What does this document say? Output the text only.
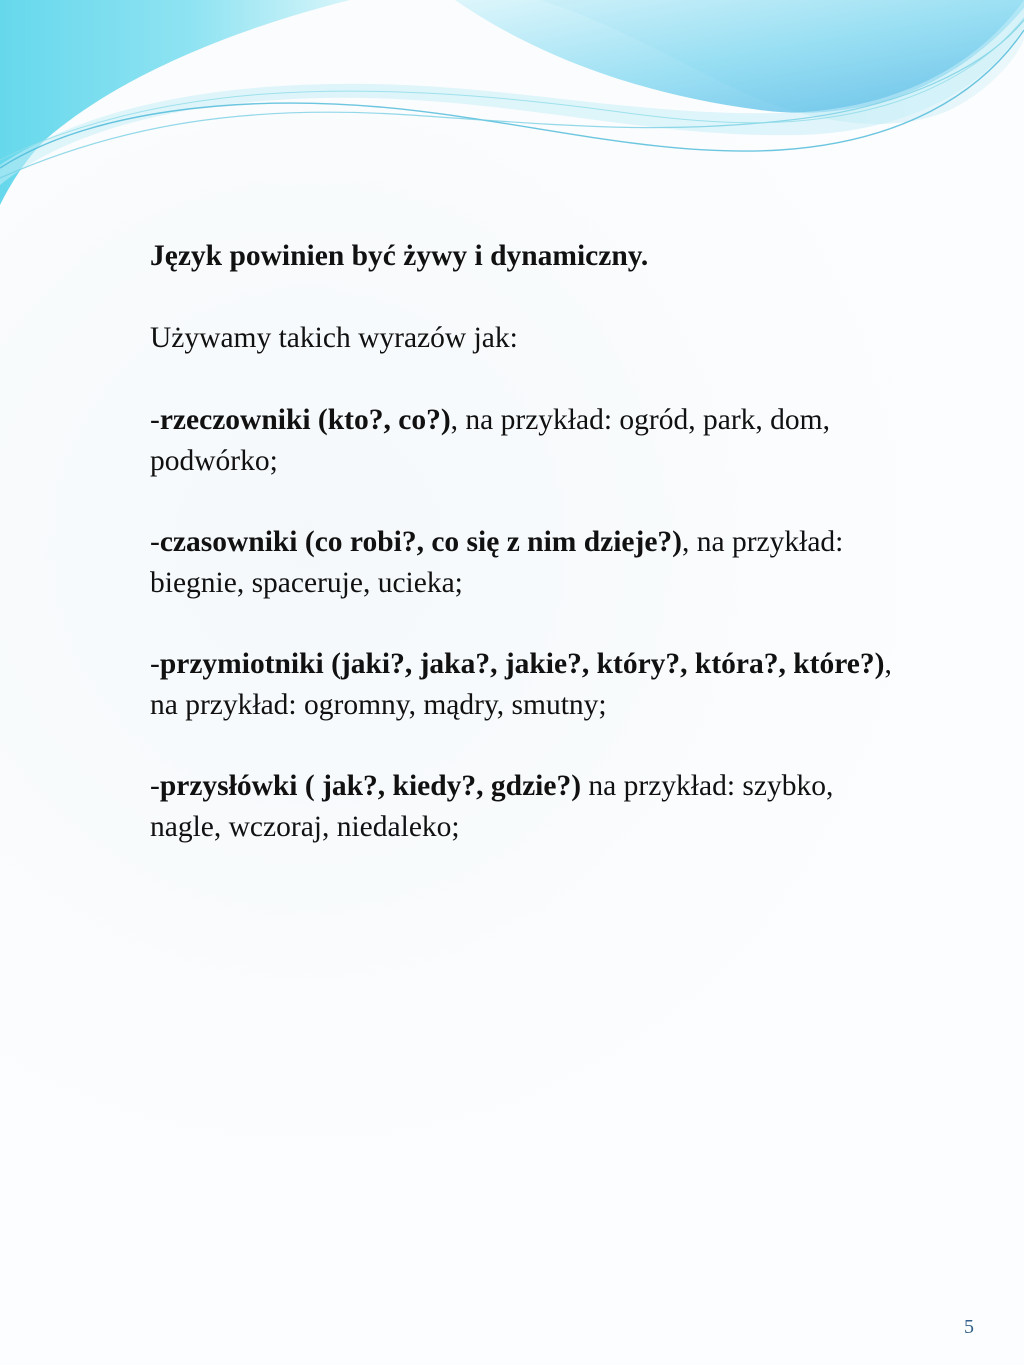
Język powinien być żywy i dynamiczny.

Używamy takich wyrazów jak:

-rzeczowniki (kto?, co?), na przykład: ogród, park, dom, podwórko;

-czasowniki (co robi?, co się z nim dzieje?), na przykład: biegnie, spaceruje, ucieka;

-przymiotniki (jaki?, jaka?, jakie?, który?, która?, które?), na przykład: ogromny, mądry, smutny;

-przysłówki ( jak?, kiedy?, gdzie?) na przykład: szybko, nagle, wczoraj, niedaleko;

5
